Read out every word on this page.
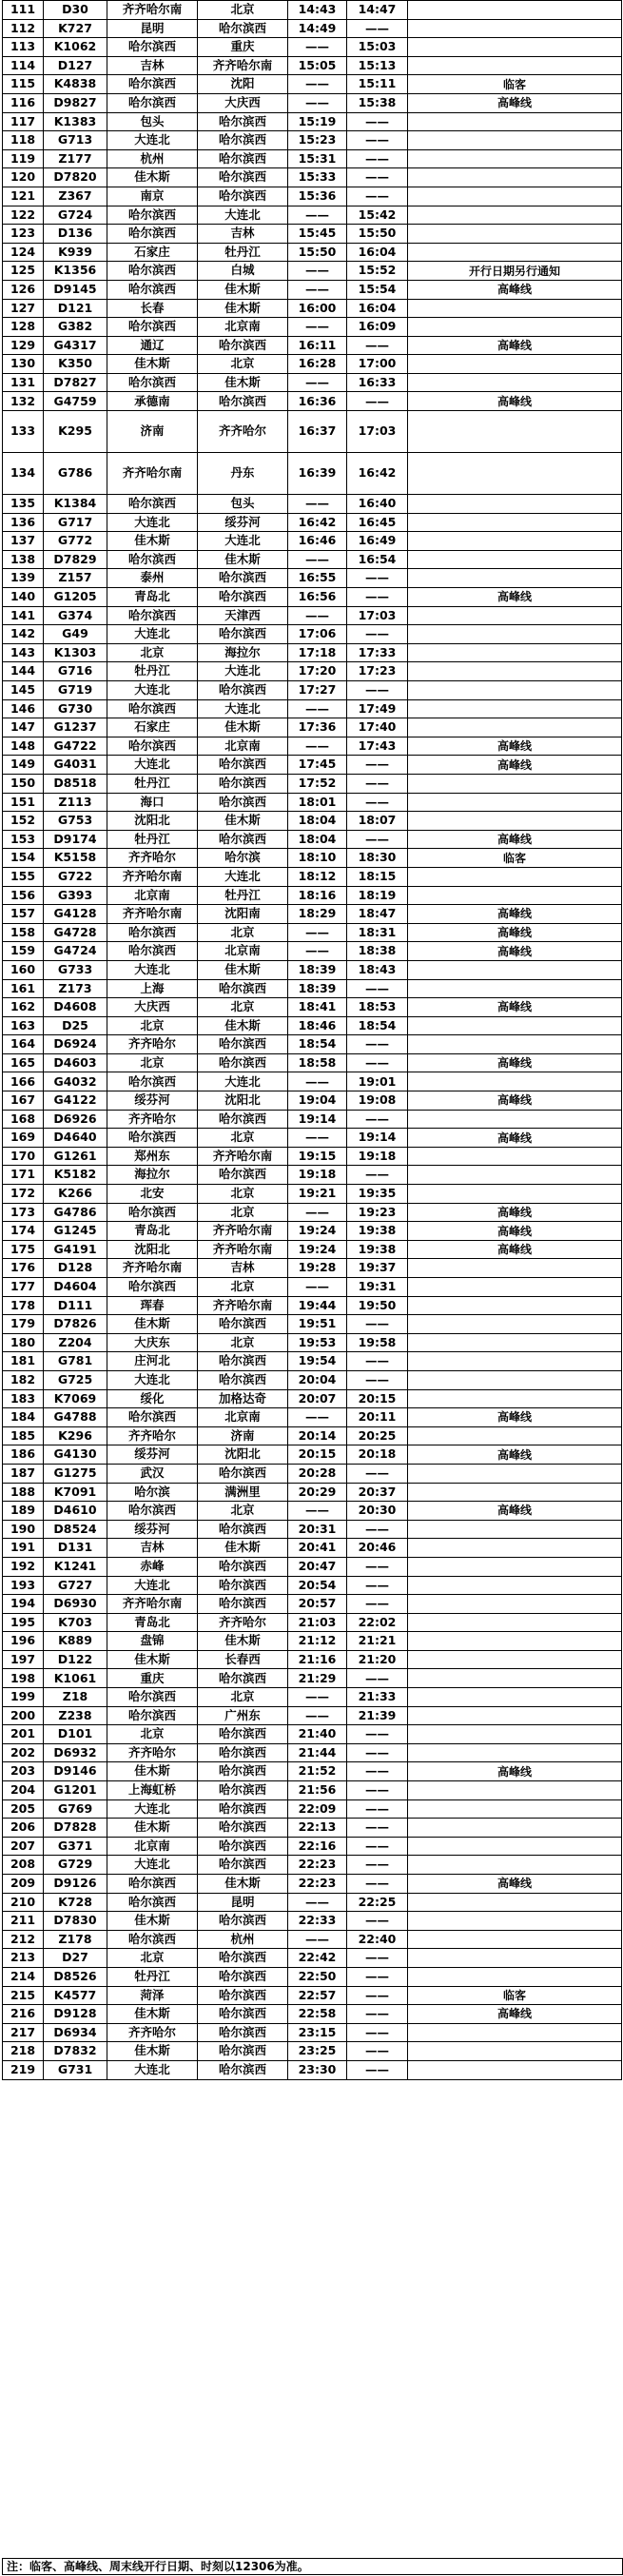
111	D30	齐齐哈尔南	北京	14:43	14:47	
112	K727	昆明	哈尔滨西	14:49	——	
113	K1062	哈尔滨西	重庆	——	15:03	
114	D127	吉林	齐齐哈尔南	15:05	15:13	
115	K4838	哈尔滨西	沈阳	——	15:11	临客
116	D9827	哈尔滨西	大庆西	——	15:38	高峰线
117	K1383	包头	哈尔滨西	15:19	——	
118	G713	大连北	哈尔滨西	15:23	——	
119	Z177	杭州	哈尔滨西	15:31	——	
120	D7820	佳木斯	哈尔滨西	15:33	——	
121	Z367	南京	哈尔滨西	15:36	——	
122	G724	哈尔滨西	大连北	——	15:42	
123	D136	哈尔滨西	吉林	15:45	15:50	
124	K939	石家庄	牡丹江	15:50	16:04	
125	K1356	哈尔滨西	白城	——	15:52	开行日期另行通知
126	D9145	哈尔滨西	佳木斯	——	15:54	高峰线
127	D121	长春	佳木斯	16:00	16:04	
128	G382	哈尔滨西	北京南	——	16:09	
129	G4317	通辽	哈尔滨西	16:11	——	高峰线
130	K350	佳木斯	北京	16:28	17:00	
131	D7827	哈尔滨西	佳木斯	——	16:33	
132	G4759	承德南	哈尔滨西	16:36	——	高峰线
133	K295	济南	齐齐哈尔	16:37	17:03	
134	G786	齐齐哈尔南	丹东	16:39	16:42	
135	K1384	哈尔滨西	包头	——	16:40	
136	G717	大连北	绥芬河	16:42	16:45	
137	G772	佳木斯	大连北	16:46	16:49	
138	D7829	哈尔滨西	佳木斯	——	16:54	
139	Z157	泰州	哈尔滨西	16:55	——	
140	G1205	青岛北	哈尔滨西	16:56	——	高峰线
141	G374	哈尔滨西	天津西	——	17:03	
142	G49	大连北	哈尔滨西	17:06	——	
143	K1303	北京	海拉尔	17:18	17:33	
144	G716	牡丹江	大连北	17:20	17:23	
145	G719	大连北	哈尔滨西	17:27	——	
146	G730	哈尔滨西	大连北	——	17:49	
147	G1237	石家庄	佳木斯	17:36	17:40	
148	G4722	哈尔滨西	北京南	——	17:43	高峰线
149	G4031	大连北	哈尔滨西	17:45	——	高峰线
150	D8518	牡丹江	哈尔滨西	17:52	——	
151	Z113	海口	哈尔滨西	18:01	——	
152	G753	沈阳北	佳木斯	18:04	18:07	
153	D9174	牡丹江	哈尔滨西	18:04	——	高峰线
154	K5158	齐齐哈尔	哈尔滨	18:10	18:30	临客
155	G722	齐齐哈尔南	大连北	18:12	18:15	
156	G393	北京南	牡丹江	18:16	18:19	
157	G4128	齐齐哈尔南	沈阳南	18:29	18:47	高峰线
158	G4728	哈尔滨西	北京	——	18:31	高峰线
159	G4724	哈尔滨西	北京南	——	18:38	高峰线
160	G733	大连北	佳木斯	18:39	18:43	
161	Z173	上海	哈尔滨西	18:39	——	
162	D4608	大庆西	北京	18:41	18:53	高峰线
163	D25	北京	佳木斯	18:46	18:54	
164	D6924	齐齐哈尔	哈尔滨西	18:54	——	
165	D4603	北京	哈尔滨西	18:58	——	高峰线
166	G4032	哈尔滨西	大连北	——	19:01	
167	G4122	绥芬河	沈阳北	19:04	19:08	高峰线
168	D6926	齐齐哈尔	哈尔滨西	19:14	——	
169	D4640	哈尔滨西	北京	——	19:14	高峰线
170	G1261	郑州东	齐齐哈尔南	19:15	19:18	
171	K5182	海拉尔	哈尔滨西	19:18	——	
172	K266	北安	北京	19:21	19:35	
173	G4786	哈尔滨西	北京	——	19:23	高峰线
174	G1245	青岛北	齐齐哈尔南	19:24	19:38	高峰线
175	G4191	沈阳北	齐齐哈尔南	19:24	19:38	高峰线
176	D128	齐齐哈尔南	吉林	19:28	19:37	
177	D4604	哈尔滨西	北京	——	19:31	
178	D111	珲春	齐齐哈尔南	19:44	19:50	
179	D7826	佳木斯	哈尔滨西	19:51	——	
180	Z204	大庆东	北京	19:53	19:58	
181	G781	庄河北	哈尔滨西	19:54	——	
182	G725	大连北	哈尔滨西	20:04	——	
183	K7069	绥化	加格达奇	20:07	20:15	
184	G4788	哈尔滨西	北京南	——	20:11	高峰线
185	K296	齐齐哈尔	济南	20:14	20:25	
186	G4130	绥芬河	沈阳北	20:15	20:18	高峰线
187	G1275	武汉	哈尔滨西	20:28	——	
188	K7091	哈尔滨	满洲里	20:29	20:37	
189	D4610	哈尔滨西	北京	——	20:30	高峰线
190	D8524	绥芬河	哈尔滨西	20:31	——	
191	D131	吉林	佳木斯	20:41	20:46	
192	K1241	赤峰	哈尔滨西	20:47	——	
193	G727	大连北	哈尔滨西	20:54	——	
194	D6930	齐齐哈尔南	哈尔滨西	20:57	——	
195	K703	青岛北	齐齐哈尔	21:03	22:02	
196	K889	盘锦	佳木斯	21:12	21:21	
197	D122	佳木斯	长春西	21:16	21:20	
198	K1061	重庆	哈尔滨西	21:29	——	
199	Z18	哈尔滨西	北京	——	21:33	
200	Z238	哈尔滨西	广州东	——	21:39	
201	D101	北京	哈尔滨西	21:40	——	
202	D6932	齐齐哈尔	哈尔滨西	21:44	——	
203	D9146	佳木斯	哈尔滨西	21:52	——	高峰线
204	G1201	上海虹桥	哈尔滨西	21:56	——	
205	G769	大连北	哈尔滨西	22:09	——	
206	D7828	佳木斯	哈尔滨西	22:13	——	
207	G371	北京南	哈尔滨西	22:16	——	
208	G729	大连北	哈尔滨西	22:23	——	
209	D9126	哈尔滨西	佳木斯	22:23	——	高峰线
210	K728	哈尔滨西	昆明	——	22:25	
211	D7830	佳木斯	哈尔滨西	22:33	——	
212	Z178	哈尔滨西	杭州	——	22:40	
213	D27	北京	哈尔滨西	22:42	——	
214	D8526	牡丹江	哈尔滨西	22:50	——	
215	K4577	菏泽	哈尔滨西	22:57	——	临客
216	D9128	佳木斯	哈尔滨西	22:58	——	高峰线
217	D6934	齐齐哈尔	哈尔滨西	23:15	——	
218	D7832	佳木斯	哈尔滨西	23:25	——	
219	G731	大连北	哈尔滨西	23:30	——	
注：临客、高峰线、周末线开行日期、时刻以12306为准。
